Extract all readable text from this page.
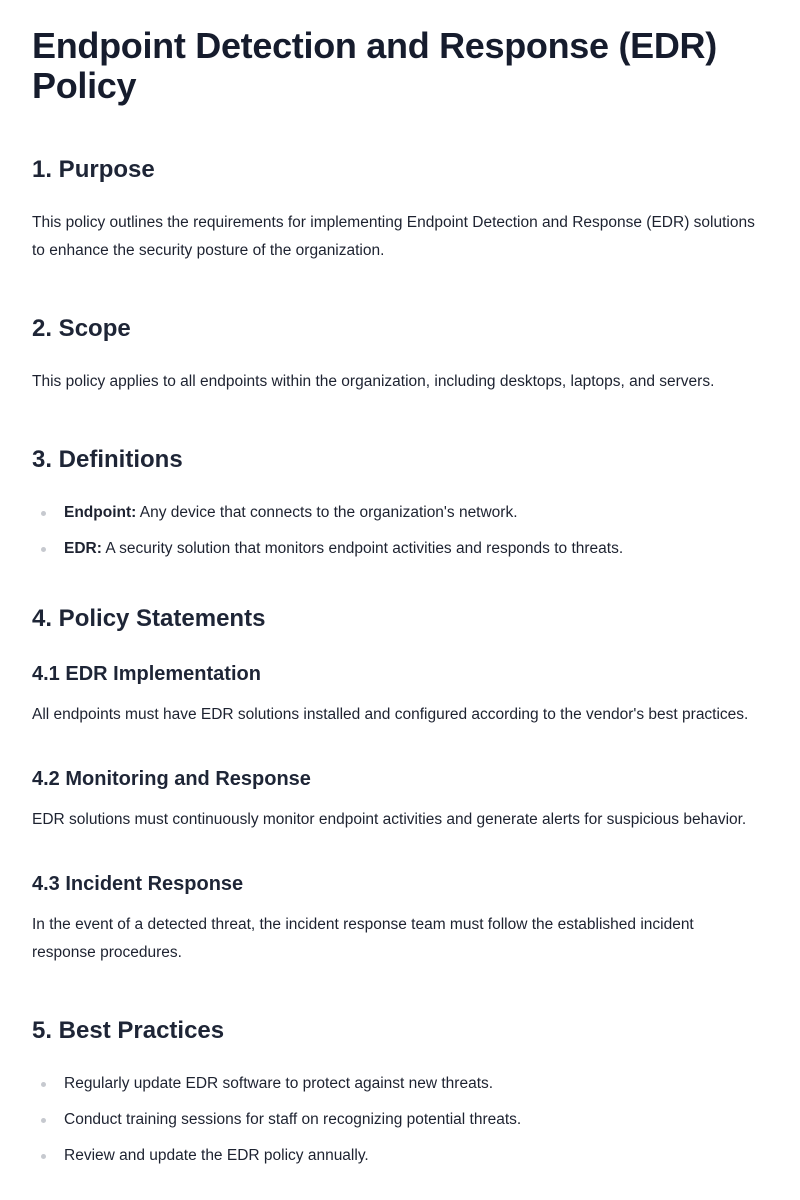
Endpoint Detection and Response (EDR) Policy
1. Purpose

This policy outlines the requirements for implementing Endpoint Detection and Response (EDR) solutions to enhance the security posture of the organization.

2. Scope

This policy applies to all endpoints within the organization, including desktops, laptops, and servers.

3. Definitions
Endpoint: Any device that connects to the organization's network.
EDR: A security solution that monitors endpoint activities and responds to threats.
4. Policy Statements
4.1 EDR Implementation

All endpoints must have EDR solutions installed and configured according to the vendor's best practices.

4.2 Monitoring and Response

EDR solutions must continuously monitor endpoint activities and generate alerts for suspicious behavior.

4.3 Incident Response

In the event of a detected threat, the incident response team must follow the established incident response procedures.

5. Best Practices
Regularly update EDR software to protect against new threats.
Conduct training sessions for staff on recognizing potential threats.
Review and update the EDR policy annually.
